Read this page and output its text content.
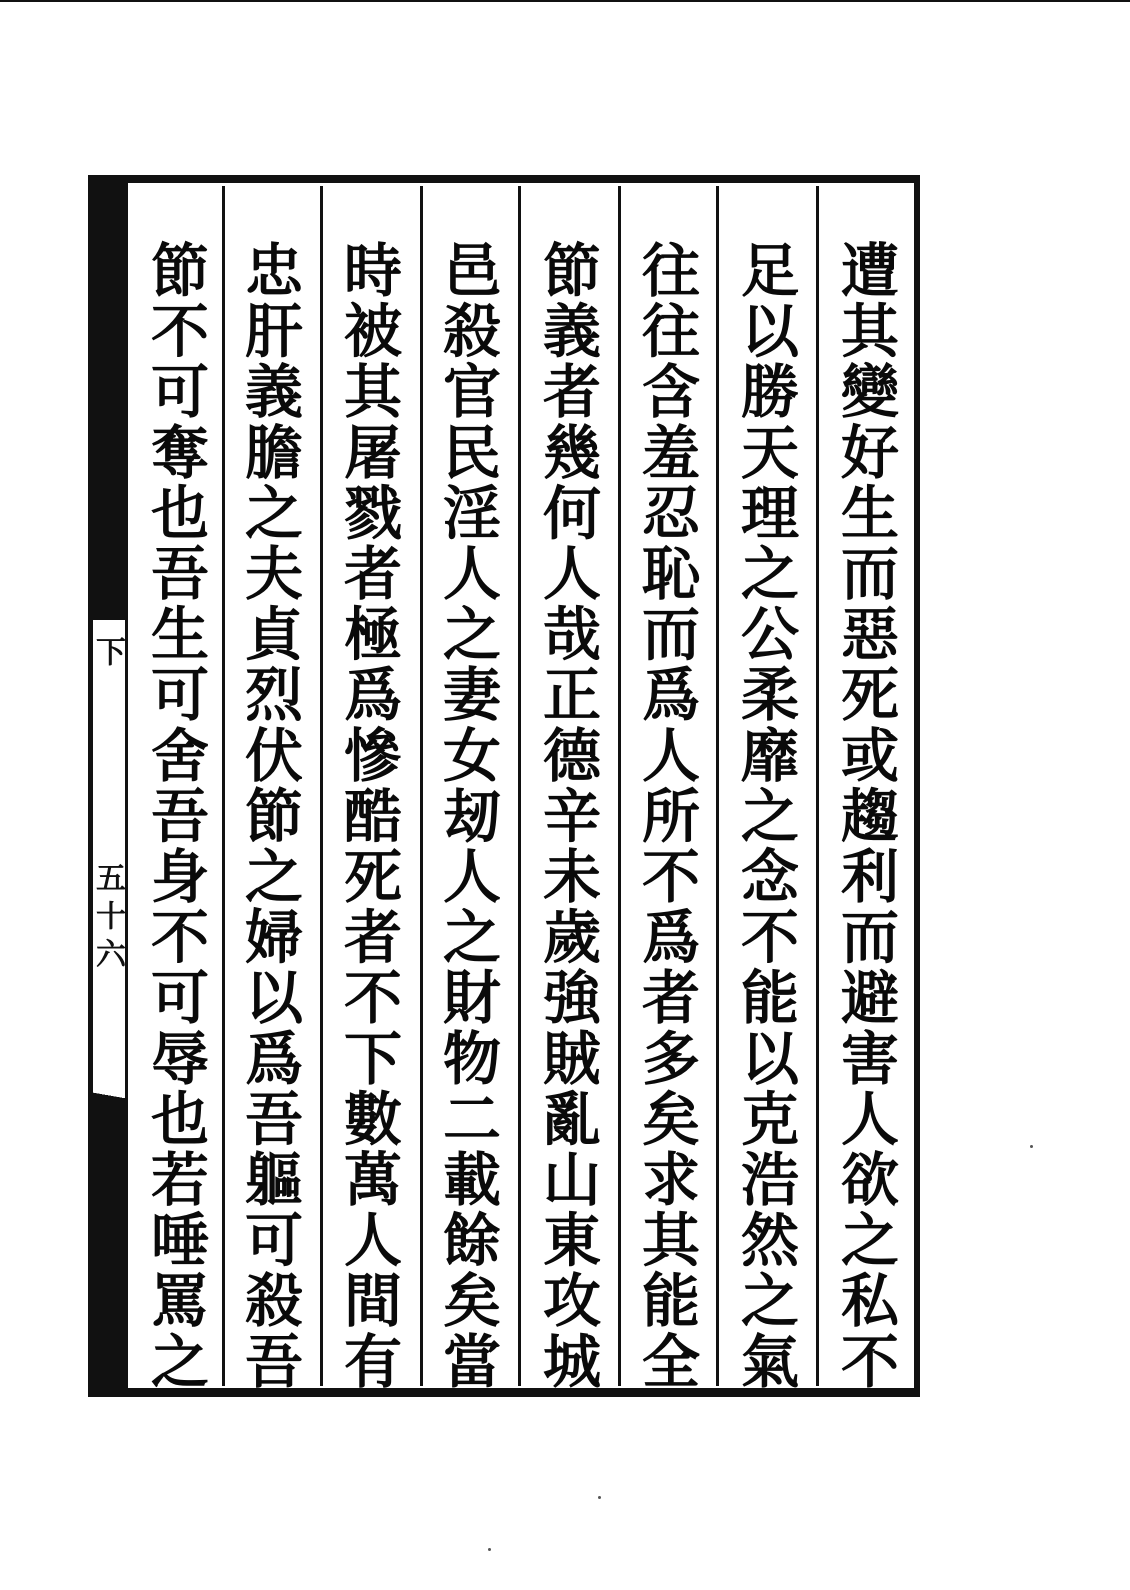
下
五十六	遭其變好生而惡死或趨利而避害人欲之私不
足以勝天理之公柔靡之念不能以克浩然之氣
往往含羞忍恥而爲人所不爲者多矣求其能全
節義者幾何人哉正德辛未歲強賊亂山東攻城
邑殺官民淫人之妻女刼人之財物二載餘矣當
時被其屠戮者極爲慘酷死者不下數萬人間有
忠肝義膽之夫貞烈伏節之婦以爲吾軀可殺吾
節不可奪也吾生可舍吾身不可辱也若唾罵之
